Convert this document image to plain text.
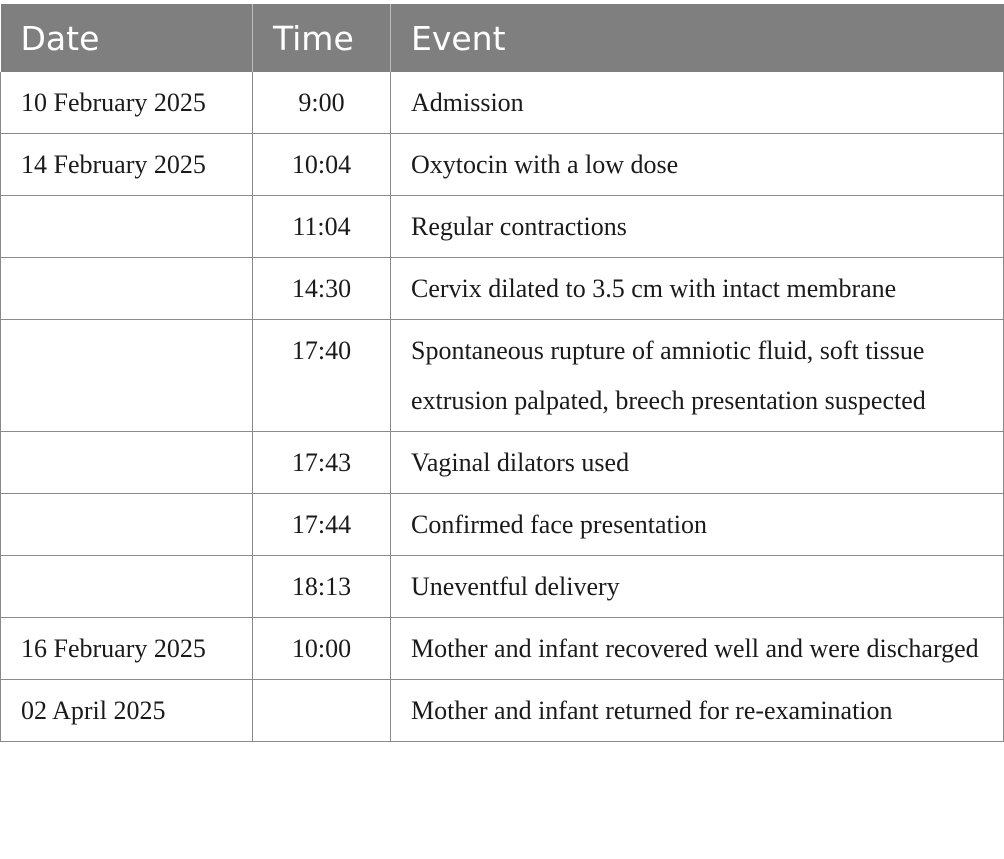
Date	Time	Event
10 February 2025	9:00	Admission
14 February 2025	10:04	Oxytocin with a low dose
	11:04	Regular contractions
	14:30	Cervix dilated to 3.5 cm with intact membrane
	17:40	Spontaneous rupture of amniotic fluid, soft tissue extrusion palpated, breech presentation suspected
	17:43	Vaginal dilators used
	17:44	Confirmed face presentation
	18:13	Uneventful delivery
16 February 2025	10:00	Mother and infant recovered well and were discharged
02 April 2025		Mother and infant returned for re-examination
